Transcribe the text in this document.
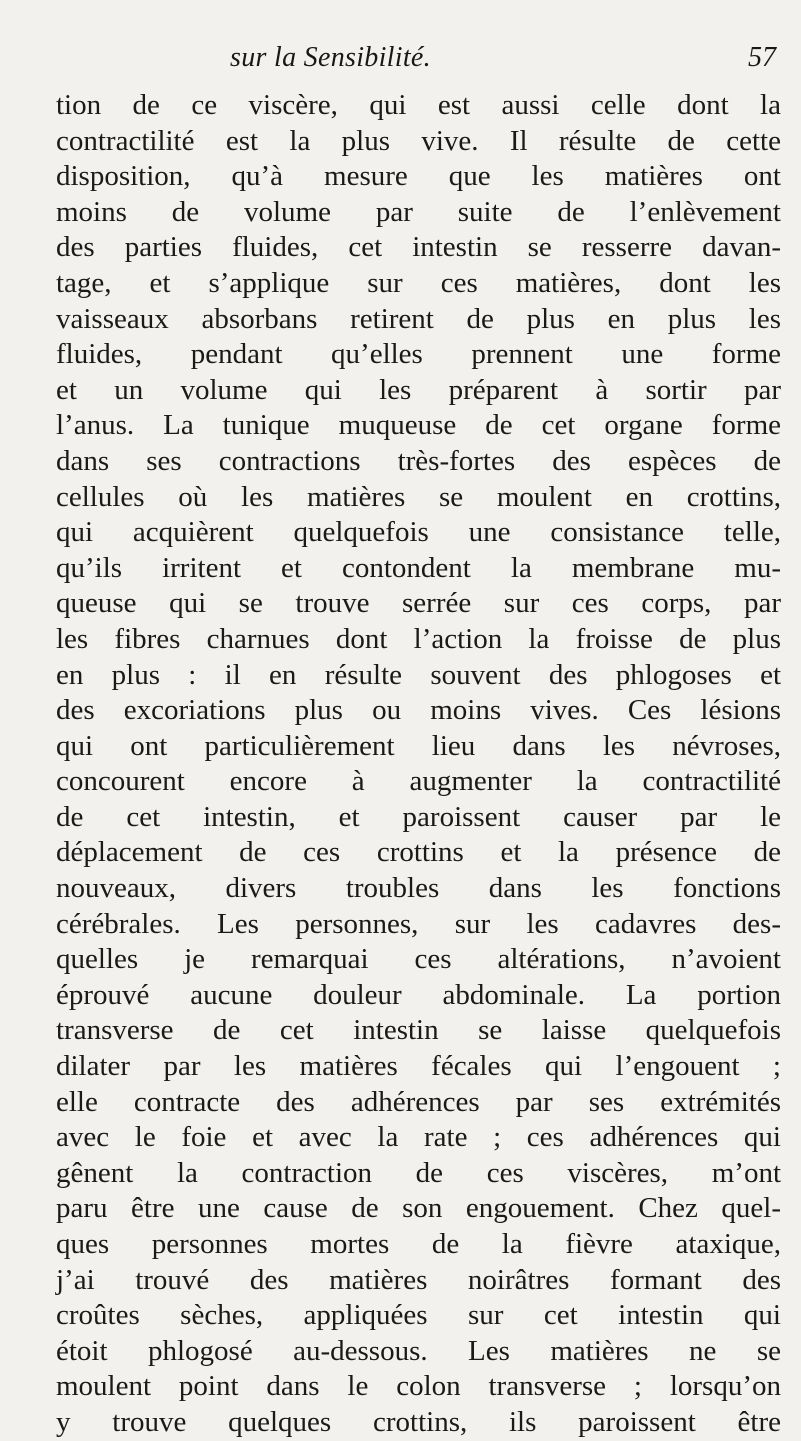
sur la Sensibilité.	57
tion de ce viscère, qui est aussi celle dont la
contractilité est la plus vive. Il résulte de cette
disposition, qu’à mesure que les matières ont
moins de volume par suite de l’enlèvement
des parties fluides, cet intestin se resserre davan-
tage, et s’applique sur ces matières, dont les
vaisseaux absorbans retirent de plus en plus les
fluides, pendant qu’elles prennent une forme
et un volume qui les préparent à sortir par
l’anus. La tunique muqueuse de cet organe forme
dans ses contractions très-fortes des espèces de
cellules où les matières se moulent en crottins,
qui acquièrent quelquefois une consistance telle,
qu’ils irritent et contondent la membrane mu-
queuse qui se trouve serrée sur ces corps, par
les fibres charnues dont l’action la froisse de plus
en plus : il en résulte souvent des phlogoses et
des excoriations plus ou moins vives. Ces lésions
qui ont particulièrement lieu dans les névroses,
concourent encore à augmenter la contractilité
de cet intestin, et paroissent causer par le
déplacement de ces crottins et la présence de
nouveaux, divers troubles dans les fonctions
cérébrales. Les personnes, sur les cadavres des-
quelles je remarquai ces altérations, n’avoient
éprouvé aucune douleur abdominale. La portion
transverse de cet intestin se laisse quelquefois
dilater par les matières fécales qui l’engouent ;
elle contracte des adhérences par ses extrémités
avec le foie et avec la rate ; ces adhérences qui
gênent la contraction de ces viscères, m’ont
paru être une cause de son engouement. Chez quel-
ques personnes mortes de la fièvre ataxique,
j’ai trouvé des matières noirâtres formant des
croûtes sèches, appliquées sur cet intestin qui
étoit phlogosé au-dessous. Les matières ne se
moulent point dans le colon transverse ; lorsqu’on
y trouve quelques crottins, ils paroissent être
